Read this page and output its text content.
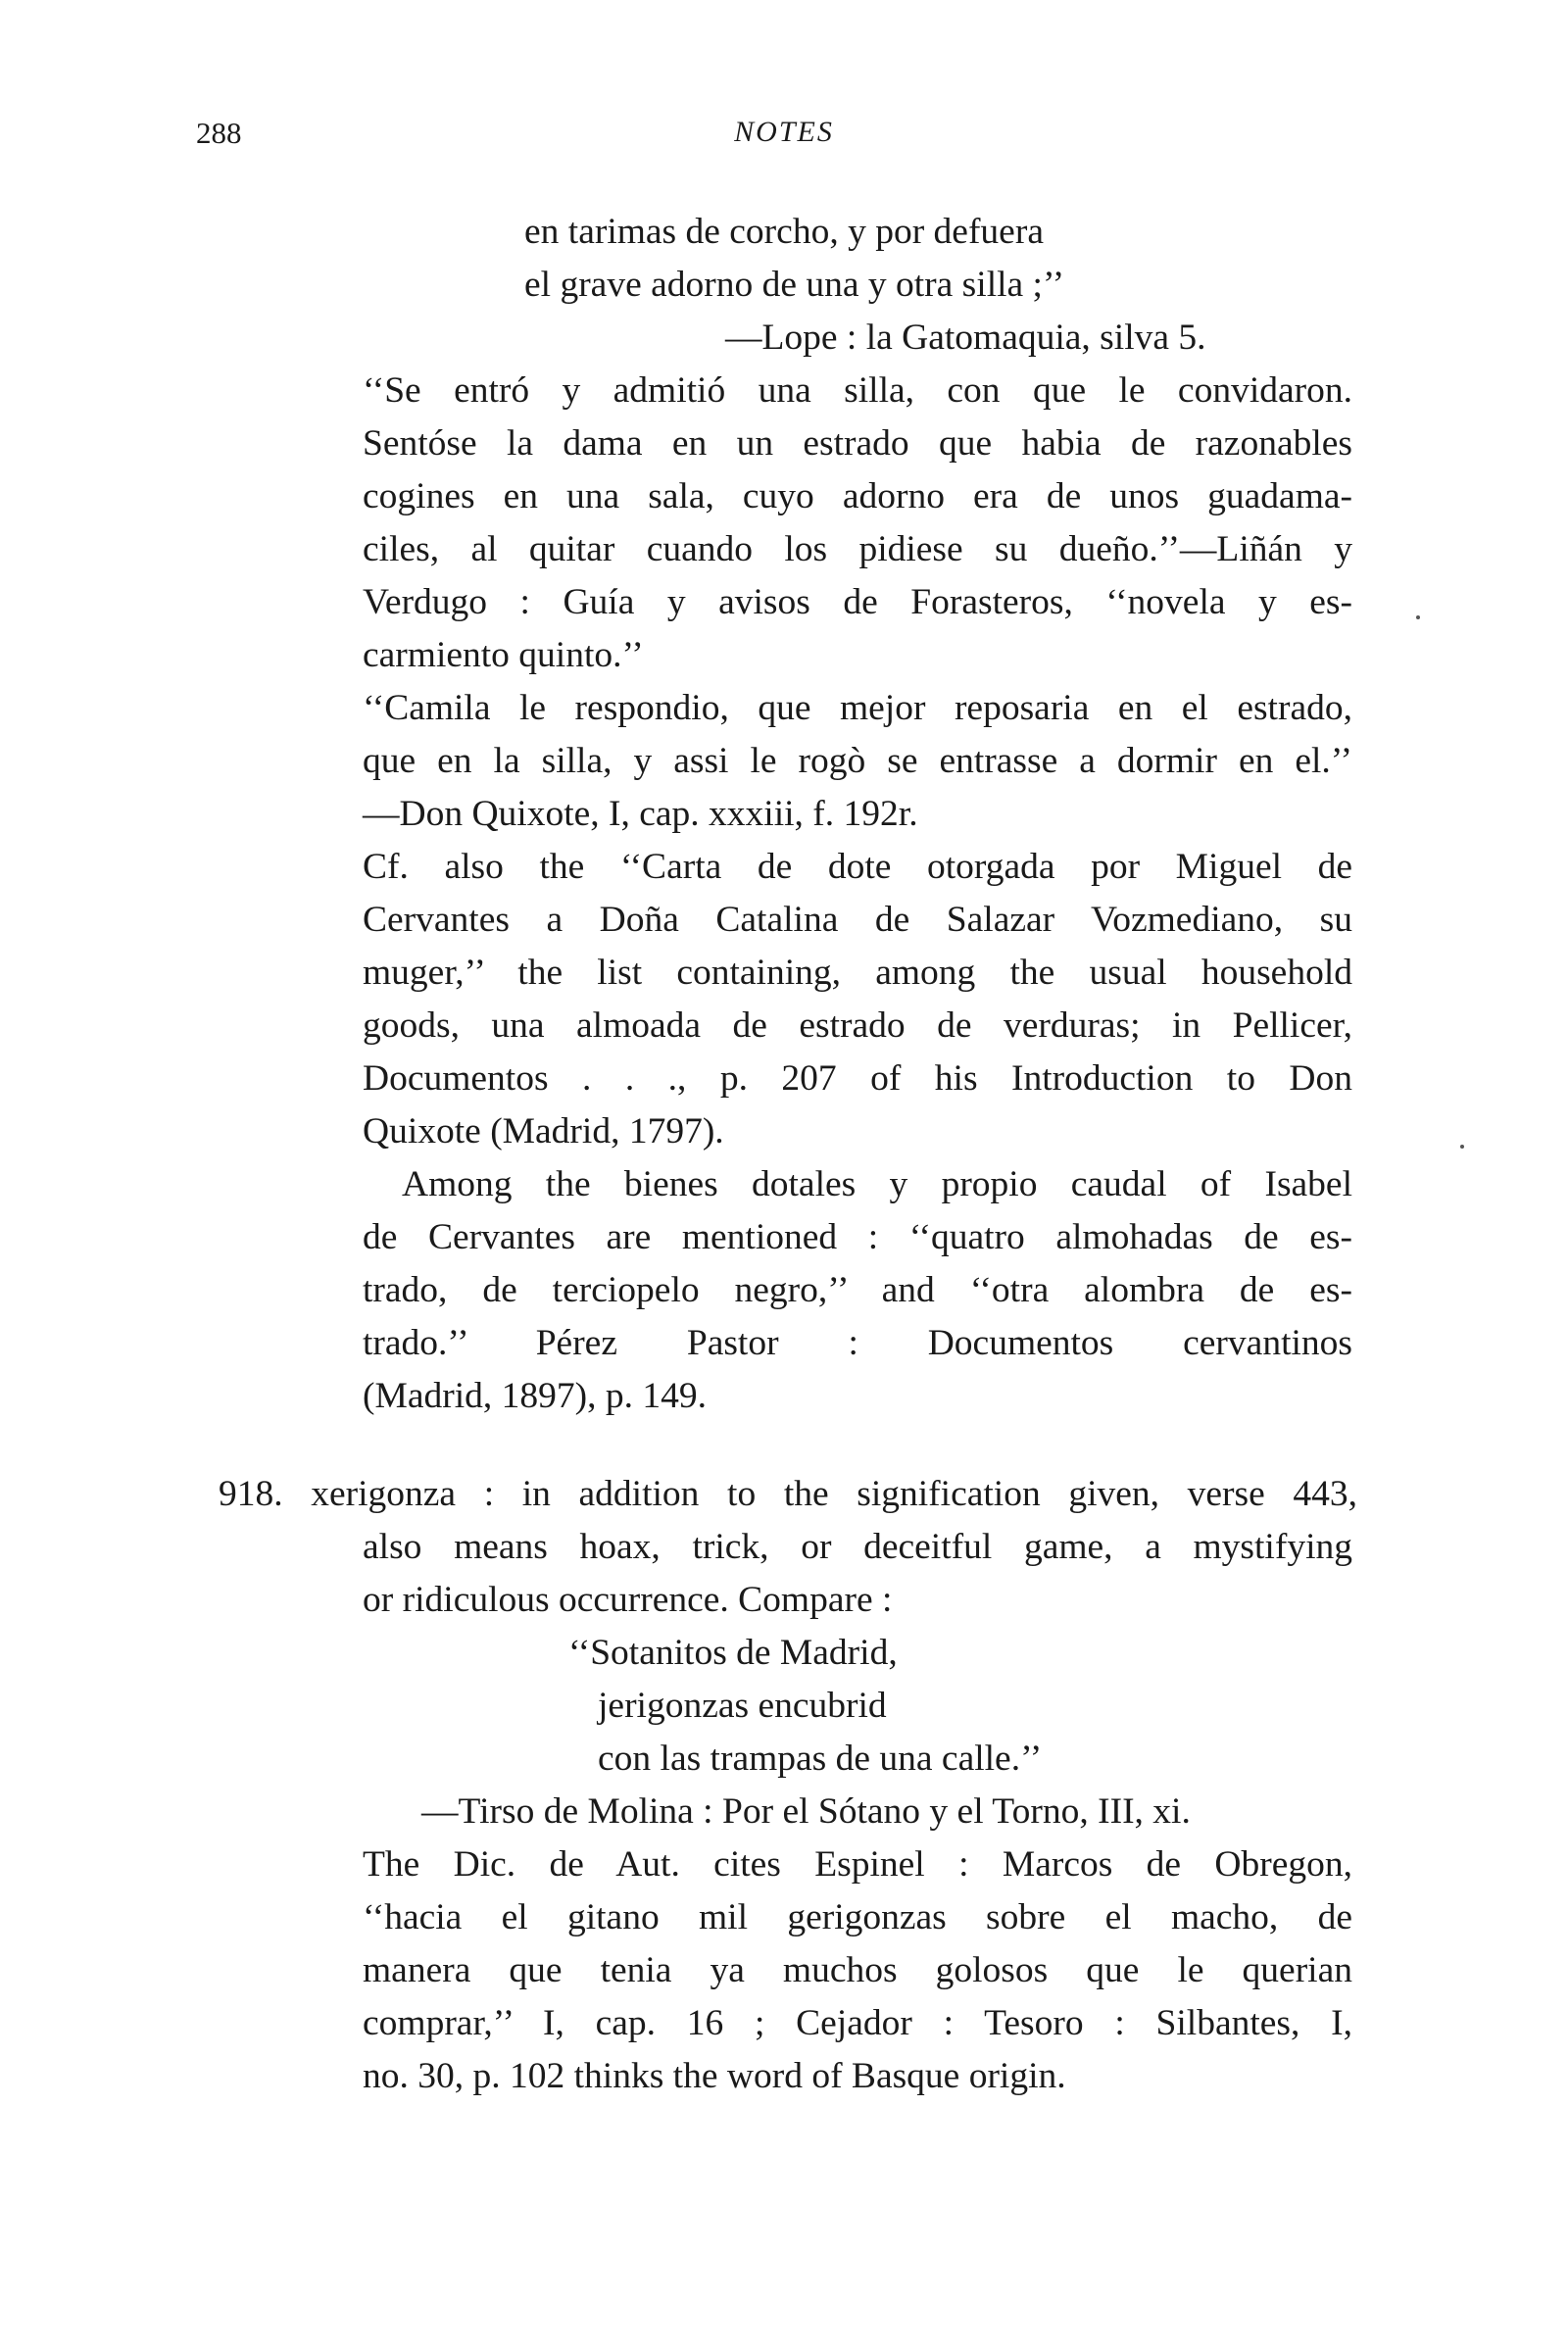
288	NOTES
en tarimas de corcho, y por defuera
el grave adorno de una y otra silla ;’’
—Lope : la Gatomaquia, silva 5.
‘‘Se entró y admitió una silla, con que le convidaron.
Sentóse la dama en un estrado que habia de razonables
cogines en una sala, cuyo adorno era de unos guadama-
ciles, al quitar cuando los pidiese su dueño.’’—Liñán y
Verdugo : Guía y avisos de Forasteros, ‘‘novela y es-
carmiento quinto.’’
‘‘Camila le respondio, que mejor reposaria en el estrado,
que en la silla, y assi le rogò se entrasse a dormir en el.’’
—Don Quixote, I, cap. xxxiii, f. 192r.
Cf. also the ‘‘Carta de dote otorgada por Miguel de
Cervantes a Doña Catalina de Salazar Vozmediano, su
muger,’’ the list containing, among the usual household
goods, una almoada de estrado de verduras; in Pellicer,
Documentos . . ., p. 207 of his Introduction to Don
Quixote (Madrid, 1797).
Among the bienes dotales y propio caudal of Isabel
de Cervantes are mentioned : ‘‘quatro almohadas de es-
trado, de terciopelo negro,’’ and ‘‘otra alombra de es-
trado.’’ Pérez Pastor : Documentos cervantinos
(Madrid, 1897), p. 149.
918. xerigonza : in addition to the signification given, verse 443,
also means hoax, trick, or deceitful game, a mystifying
or ridiculous occurrence. Compare :
‘‘Sotanitos de Madrid,
jerigonzas encubrid
con las trampas de una calle.’’
—Tirso de Molina : Por el Sótano y el Torno, III, xi.
The Dic. de Aut. cites Espinel : Marcos de Obregon,
‘‘hacia el gitano mil gerigonzas sobre el macho, de
manera que tenia ya muchos golosos que le querian
comprar,’’ I, cap. 16 ; Cejador : Tesoro : Silbantes, I,
no. 30, p. 102 thinks the word of Basque origin.
